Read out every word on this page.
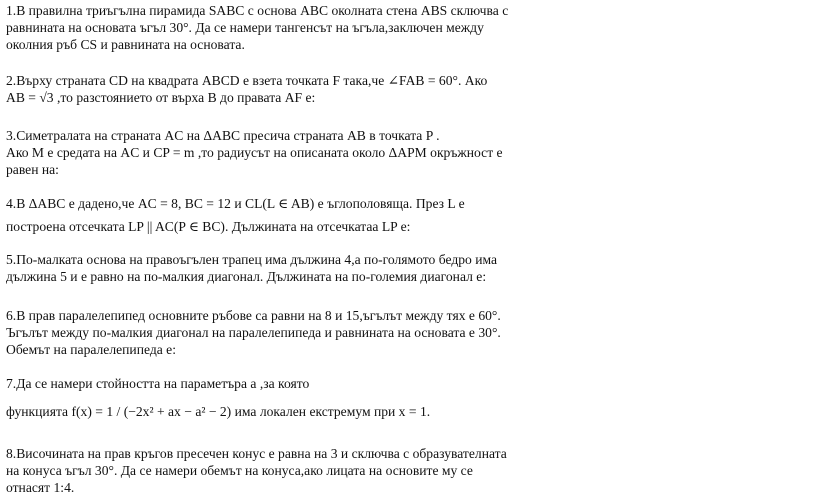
1.В правилна триъгълна пирамида SABC с основа ABC околната стена ABS сключва с
равнината на основата ъгъл 30°. Да се намери тангенсът на ъгъла,заключен между
околния ръб CS и равнината на основата.
2.Върху страната CD на квадрата ABCD е взета точката F така,че ∠FAB = 60°. Ако
AB = √3 ,то разстоянието от върха B до правата AF е:
3.Симетралата на страната AC на ΔABC пресича страната AB в точката P .
Ако M е средата на AC и CP = m ,то радиусът на описаната около ΔAPM окръжност е
равен на:
4.В ΔABC е дадено,че AC = 8, BC = 12 и CL(L ∈ AB) е ъглополовяща. През L е
построена отсечката LP || AC(P ∈ BC). Дължината на отсечкатаa LP е:
5.По-малката основа на правоъгълен трапец има дължина 4,а по-голямото бедро има
дължина 5 и е равно на по-малкия диагонал. Дължината на по-големия диагонал е:
6.В прав паралелепипед основните ръбове са равни на 8 и 15,ъгълът между тях е 60°.
Ъгълът между по-малкия диагонал на паралелепипеда и равнината на основата е 30°.
Обемът на паралелепипеда е:
7.Да се намери стойността на параметъра a ,за която
функцията f(x) = 1 / (−2x² + ax − a² − 2) има локален екстремум при x = 1.
8.Височината на прав кръгов пресечен конус е равна на 3 и сключва с образувателната
на конуса ъгъл 30°. Да се намери обемът на конуса,ако лицата на основите му се
отнасят 1:4.
